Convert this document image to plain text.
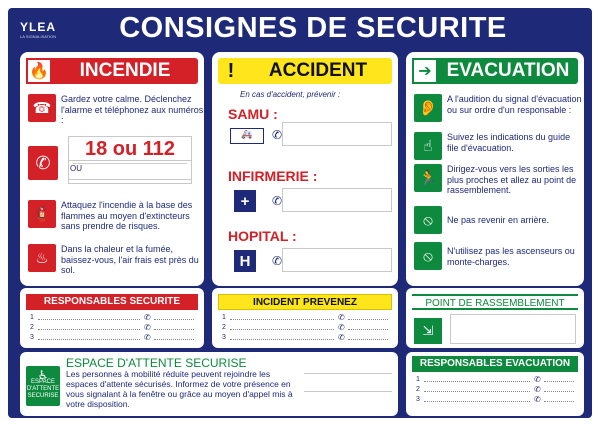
YLEA
LA SIGNALISATION CONSIGNES DE SECURITE
🔥	INCENDIE
☎
Gardez votre calme. Déclenchez l'alarme et téléphonez aux numéros :
✆
18 ou 112
OU
🧯
Attaquez l'incendie à la base des flammes au moyen d'extincteurs sans prendre de risques.
♨
Dans la chaleur et la fumée, baissez-vous, l'air frais est près du sol.
!	ACCIDENT
En cas d'accident, prévenir :
SAMU :
🚑	✆
INFIRMERIE :
+	✆
HOPITAL :
H	✆
➔ EVACUATION
👂
A l'audition du signal d'évacuation ou sur ordre d'un responsable :
☝
Suivez les indications du guide file d'évacuation.
🏃
Dirigez-vous vers les sorties les plus proches et allez au point de rassemblement.
⦸	Ne pas revenir en arrière.
⦸	N'utilisez pas les ascenseurs ou monte-charges.
RESPONSABLES SECURITE
1	✆
2	✆
3	✆
INCIDENT PREVENEZ
1	✆
2	✆
3	✆
POINT DE RASSEMBLEMENT
⇲
♿
ESPACE D'ATTENTE SECURISE
ESPACE D'ATTENTE SECURISE
Les personnes à mobilité réduite peuvent rejoindre les espaces d'attente sécurisés. Informez de votre présence en vous signalant à la fenêtre ou grâce au moyen d'appel mis à votre disposition.
RESPONSABLES EVACUATION
1	✆
2	✆
3	✆
